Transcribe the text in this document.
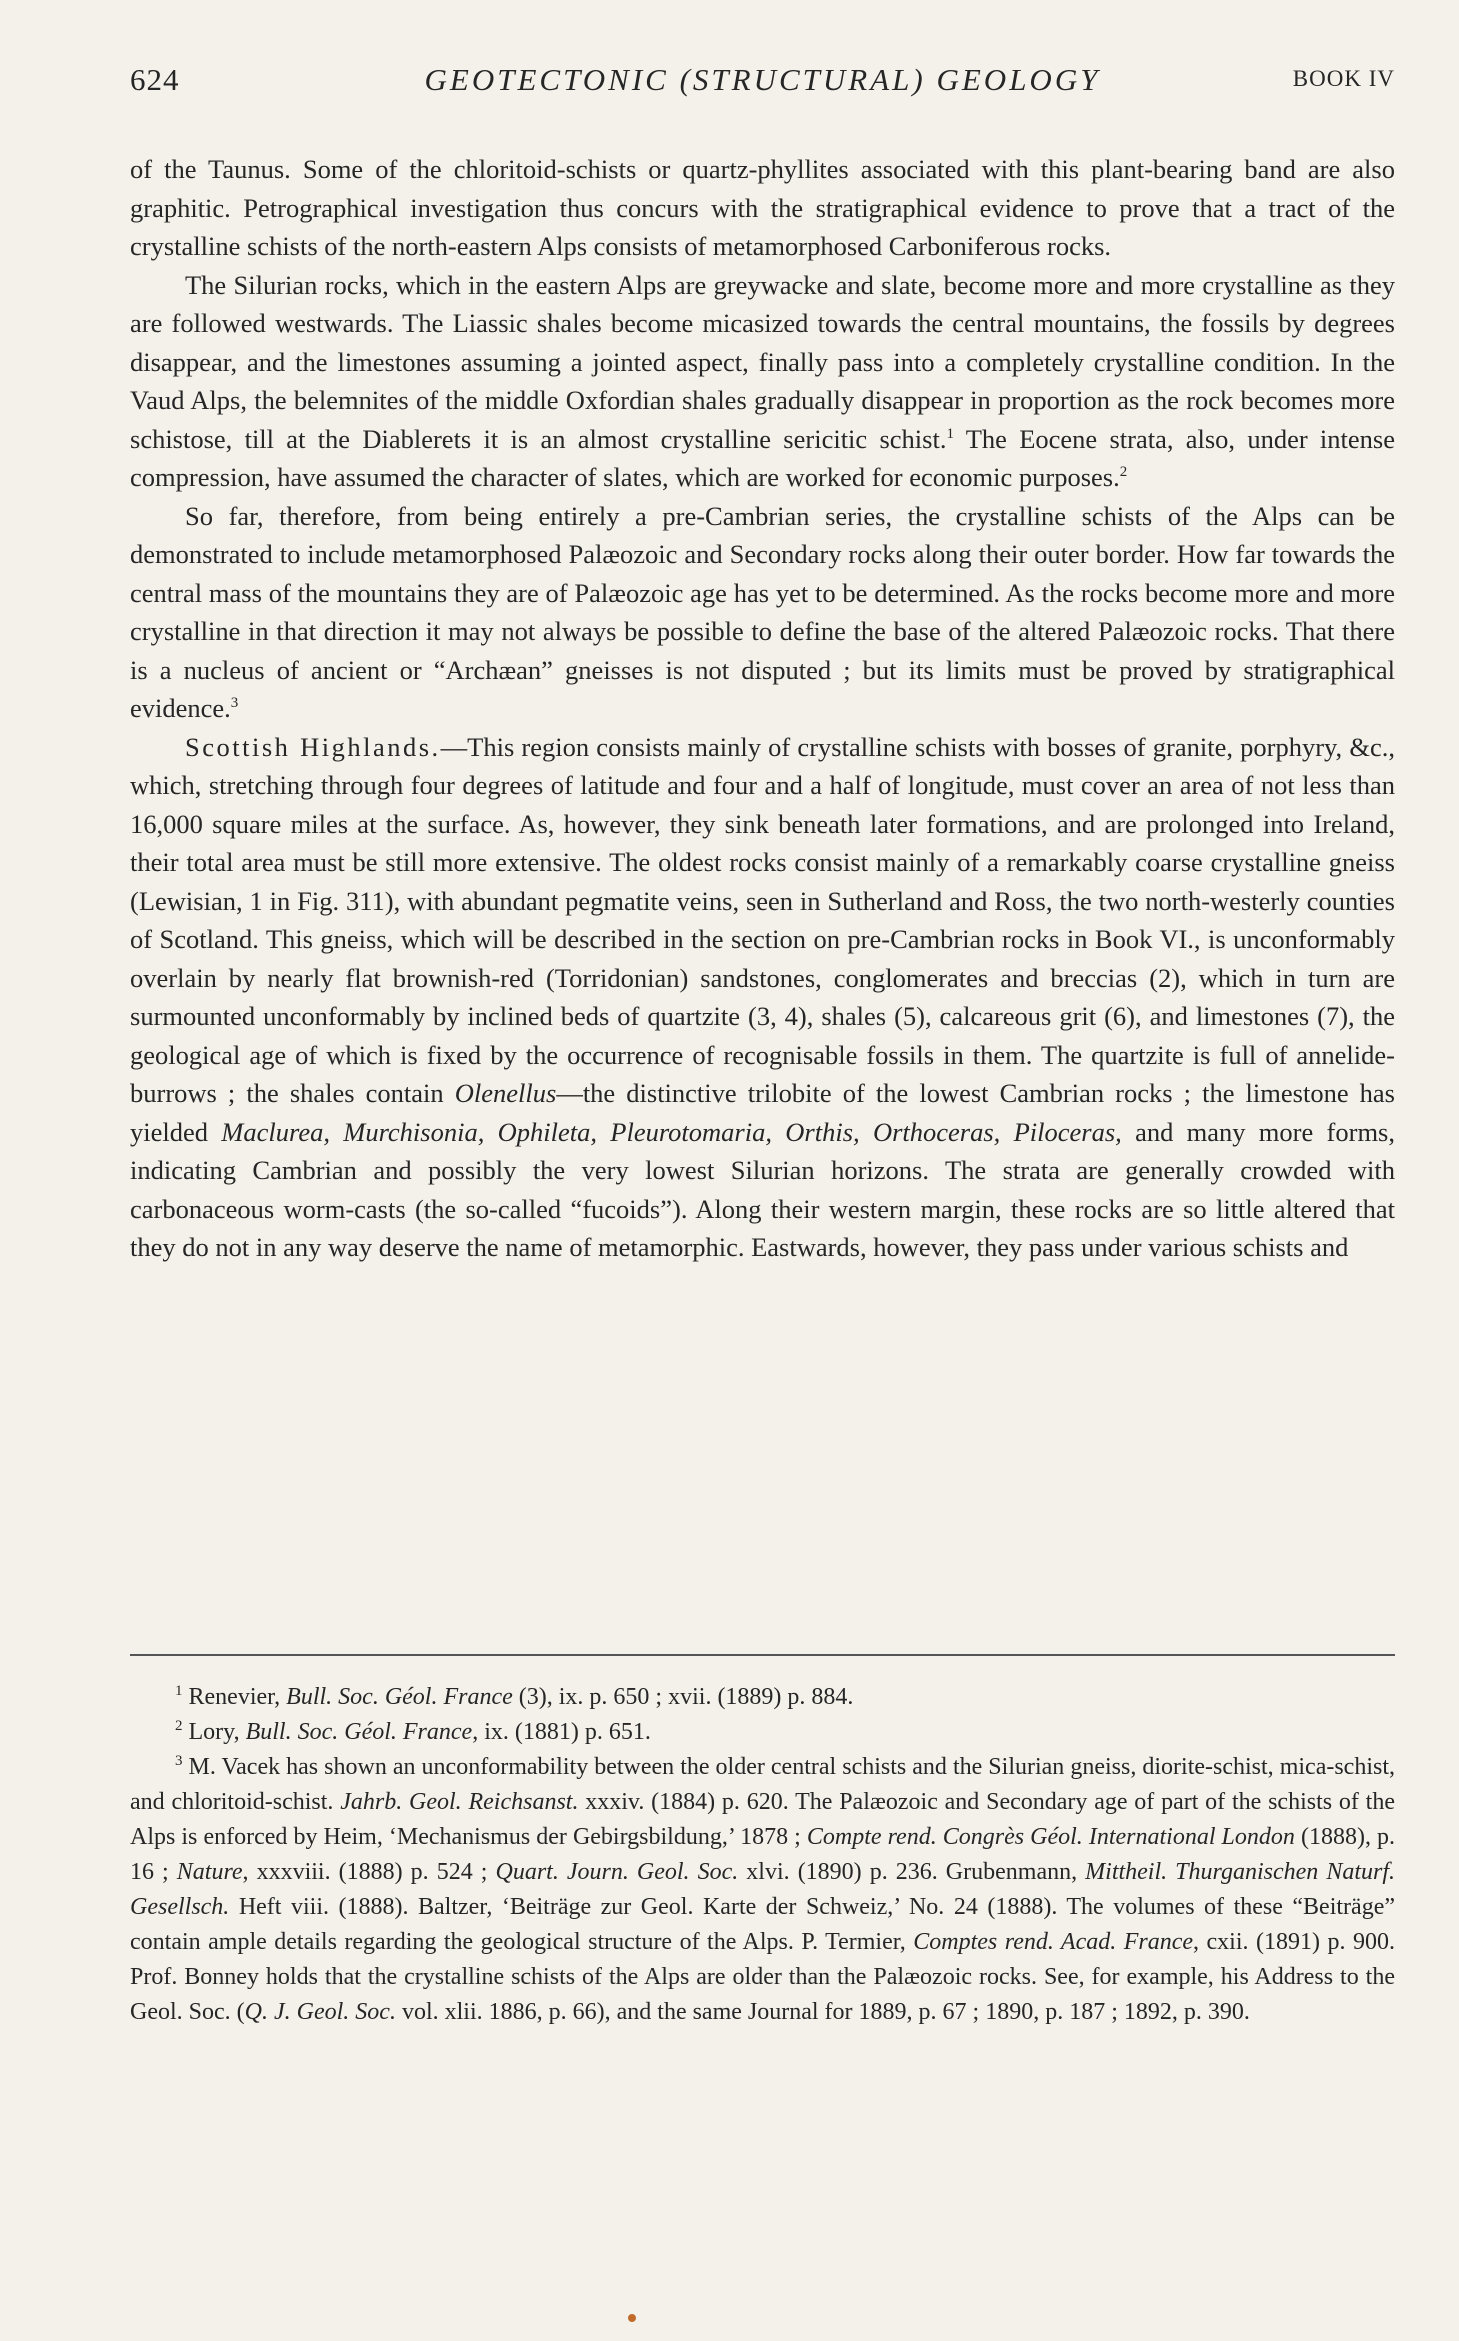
624	GEOTECTONIC (STRUCTURAL) GEOLOGY	BOOK IV

of the Taunus. Some of the chloritoid-schists or quartz-phyllites associated with this plant-bearing band are also graphitic. Petrographical investigation thus concurs with the stratigraphical evidence to prove that a tract of the crystalline schists of the north-eastern Alps consists of metamorphosed Carboniferous rocks.

The Silurian rocks, which in the eastern Alps are greywacke and slate, become more and more crystalline as they are followed westwards. The Liassic shales become micasized towards the central mountains, the fossils by degrees disappear, and the limestones assuming a jointed aspect, finally pass into a completely crystalline condition. In the Vaud Alps, the belemnites of the middle Oxfordian shales gradually disappear in proportion as the rock becomes more schistose, till at the Diablerets it is an almost crystalline sericitic schist.$^1$ The Eocene strata, also, under intense compression, have assumed the character of slates, which are worked for economic purposes.$^2$

So far, therefore, from being entirely a pre-Cambrian series, the crystalline schists of the Alps can be demonstrated to include metamorphosed Palæozoic and Secondary rocks along their outer border. How far towards the central mass of the mountains they are of Palæozoic age has yet to be determined. As the rocks become more and more crystalline in that direction it may not always be possible to define the base of the altered Palæozoic rocks. That there is a nucleus of ancient or “Archæan” gneisses is not disputed ; but its limits must be proved by stratigraphical evidence.$^3$

Scottish Highlands.—This region consists mainly of crystalline schists with bosses of granite, porphyry, &c., which, stretching through four degrees of latitude and four and a half of longitude, must cover an area of not less than 16,000 square miles at the surface. As, however, they sink beneath later formations, and are prolonged into Ireland, their total area must be still more extensive. The oldest rocks consist mainly of a remarkably coarse crystalline gneiss (Lewisian, 1 in Fig. 311), with abundant pegmatite veins, seen in Sutherland and Ross, the two north-westerly counties of Scotland. This gneiss, which will be described in the section on pre-Cambrian rocks in Book VI., is unconformably overlain by nearly flat brownish-red (Torridonian) sandstones, conglomerates and breccias (2), which in turn are surmounted unconformably by inclined beds of quartzite (3, 4), shales (5), calcareous grit (6), and limestones (7), the geological age of which is fixed by the occurrence of recognisable fossils in them. The quartzite is full of annelide-burrows ; the shales contain Olenellus—the distinctive trilobite of the lowest Cambrian rocks ; the limestone has yielded Maclurea, Murchisonia, Ophileta, Pleurotomaria, Orthis, Orthoceras, Piloceras, and many more forms, indicating Cambrian and possibly the very lowest Silurian horizons. The strata are generally crowded with carbonaceous worm-casts (the so-called “fucoids”). Along their western margin, these rocks are so little altered that they do not in any way deserve the name of metamorphic. Eastwards, however, they pass under various schists and

$^1$ Renevier, Bull. Soc. Géol. France (3), ix. p. 650 ; xvii. (1889) p. 884.

$^2$ Lory, Bull. Soc. Géol. France, ix. (1881) p. 651.

$^3$ M. Vacek has shown an unconformability between the older central schists and the Silurian gneiss, diorite-schist, mica-schist, and chloritoid-schist. Jahrb. Geol. Reichsanst. xxxiv. (1884) p. 620. The Palæozoic and Secondary age of part of the schists of the Alps is enforced by Heim, ‘Mechanismus der Gebirgsbildung,’ 1878 ; Compte rend. Congrès Géol. International London (1888), p. 16 ; Nature, xxxviii. (1888) p. 524 ; Quart. Journ. Geol. Soc. xlvi. (1890) p. 236. Grubenmann, Mittheil. Thurganischen Naturf. Gesellsch. Heft viii. (1888). Baltzer, ‘Beiträge zur Geol. Karte der Schweiz,’ No. 24 (1888). The volumes of these “Beiträge” contain ample details regarding the geological structure of the Alps. P. Termier, Comptes rend. Acad. France, cxii. (1891) p. 900. Prof. Bonney holds that the crystalline schists of the Alps are older than the Palæozoic rocks. See, for example, his Address to the Geol. Soc. (Q. J. Geol. Soc. vol. xlii. 1886, p. 66), and the same Journal for 1889, p. 67 ; 1890, p. 187 ; 1892, p. 390.
